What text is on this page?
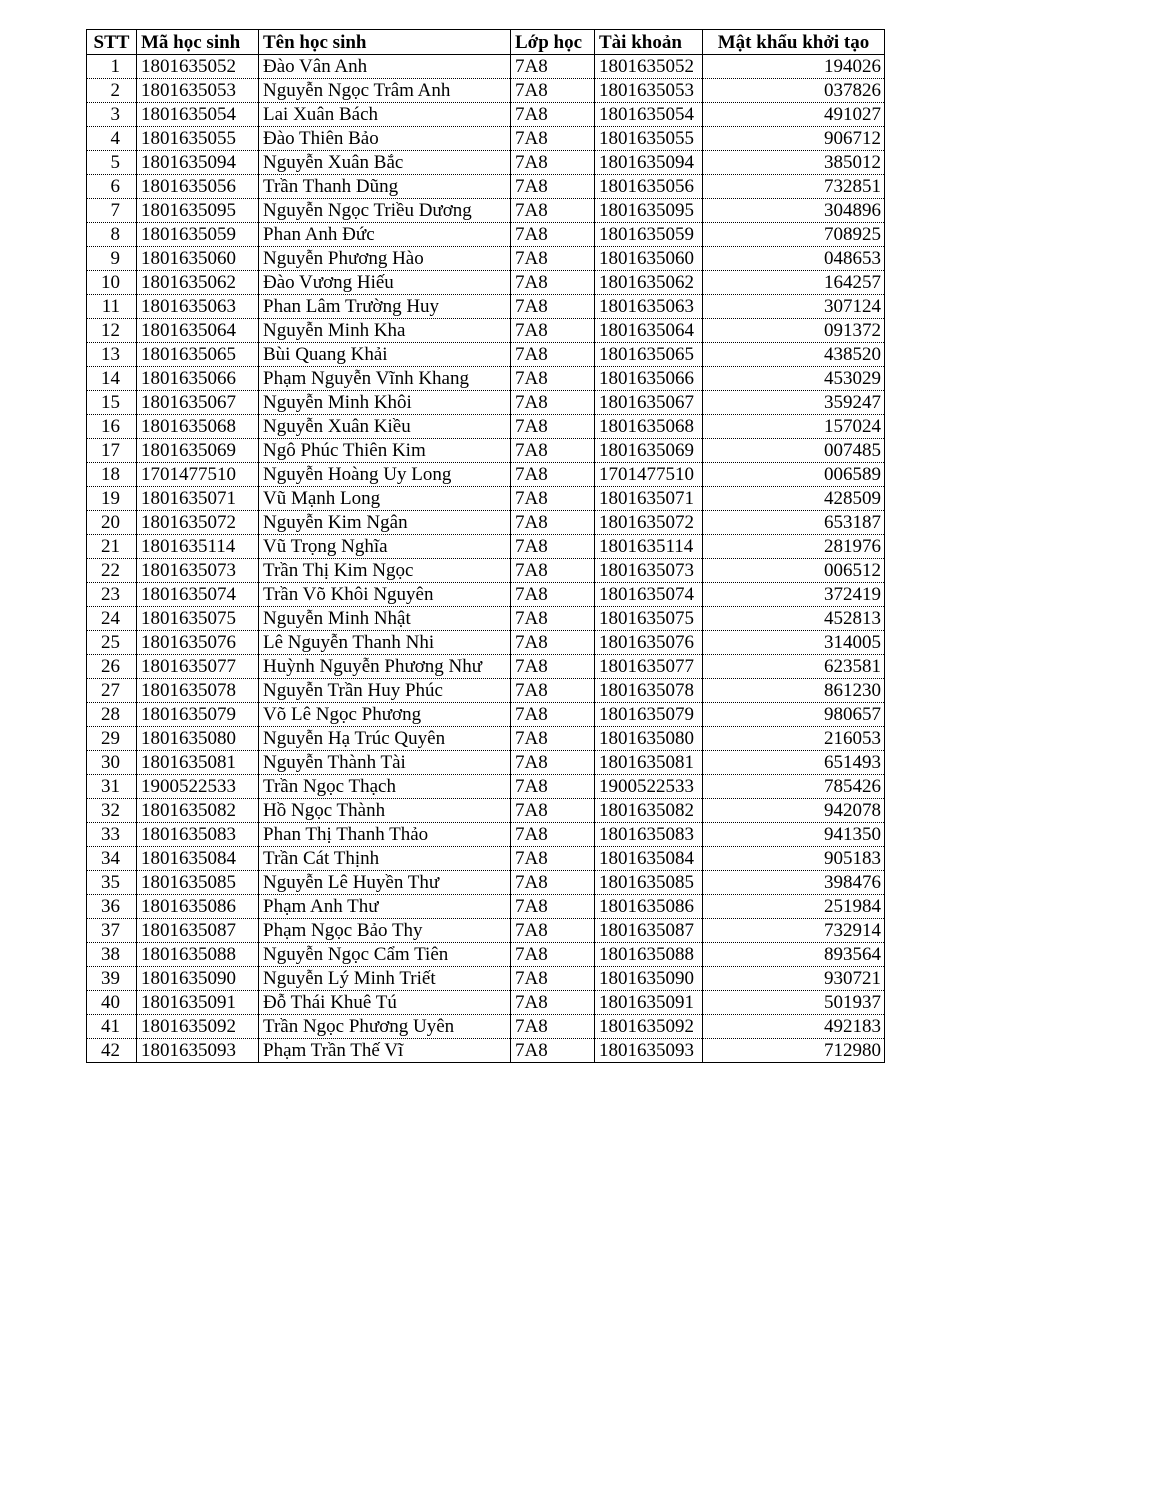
STT	Mã học sinh	Tên học sinh	Lớp học	Tài khoản	Mật khẩu khởi tạo
1	1801635052	Đào Vân Anh	7A8	1801635052	194026
2	1801635053	Nguyễn Ngọc Trâm Anh	7A8	1801635053	037826
3	1801635054	Lai Xuân Bách	7A8	1801635054	491027
4	1801635055	Đào Thiên Bảo	7A8	1801635055	906712
5	1801635094	Nguyễn Xuân Bắc	7A8	1801635094	385012
6	1801635056	Trần Thanh Dũng	7A8	1801635056	732851
7	1801635095	Nguyễn Ngọc Triều Dương	7A8	1801635095	304896
8	1801635059	Phan Anh Đức	7A8	1801635059	708925
9	1801635060	Nguyễn Phương Hào	7A8	1801635060	048653
10	1801635062	Đào Vương Hiếu	7A8	1801635062	164257
11	1801635063	Phan Lâm Trường Huy	7A8	1801635063	307124
12	1801635064	Nguyễn Minh Kha	7A8	1801635064	091372
13	1801635065	Bùi Quang Khải	7A8	1801635065	438520
14	1801635066	Phạm Nguyễn Vĩnh Khang	7A8	1801635066	453029
15	1801635067	Nguyễn Minh Khôi	7A8	1801635067	359247
16	1801635068	Nguyễn Xuân Kiều	7A8	1801635068	157024
17	1801635069	Ngô Phúc Thiên Kim	7A8	1801635069	007485
18	1701477510	Nguyễn Hoàng Uy Long	7A8	1701477510	006589
19	1801635071	Vũ Mạnh Long	7A8	1801635071	428509
20	1801635072	Nguyễn Kim Ngân	7A8	1801635072	653187
21	1801635114	Vũ Trọng Nghĩa	7A8	1801635114	281976
22	1801635073	Trần Thị Kim Ngọc	7A8	1801635073	006512
23	1801635074	Trần Võ Khôi Nguyên	7A8	1801635074	372419
24	1801635075	Nguyễn Minh Nhật	7A8	1801635075	452813
25	1801635076	Lê Nguyễn Thanh Nhi	7A8	1801635076	314005
26	1801635077	Huỳnh Nguyễn Phương Như	7A8	1801635077	623581
27	1801635078	Nguyễn Trần Huy Phúc	7A8	1801635078	861230
28	1801635079	Võ Lê Ngọc Phương	7A8	1801635079	980657
29	1801635080	Nguyễn Hạ Trúc Quyên	7A8	1801635080	216053
30	1801635081	Nguyễn Thành Tài	7A8	1801635081	651493
31	1900522533	Trần Ngọc Thạch	7A8	1900522533	785426
32	1801635082	Hồ Ngọc Thành	7A8	1801635082	942078
33	1801635083	Phan Thị Thanh Thảo	7A8	1801635083	941350
34	1801635084	Trần Cát Thịnh	7A8	1801635084	905183
35	1801635085	Nguyễn Lê Huyền Thư	7A8	1801635085	398476
36	1801635086	Phạm Anh Thư	7A8	1801635086	251984
37	1801635087	Phạm Ngọc Bảo Thy	7A8	1801635087	732914
38	1801635088	Nguyễn Ngọc Cẩm Tiên	7A8	1801635088	893564
39	1801635090	Nguyễn Lý Minh Triết	7A8	1801635090	930721
40	1801635091	Đỗ Thái Khuê Tú	7A8	1801635091	501937
41	1801635092	Trần Ngọc Phương Uyên	7A8	1801635092	492183
42	1801635093	Phạm Trần Thế Vĩ	7A8	1801635093	712980
